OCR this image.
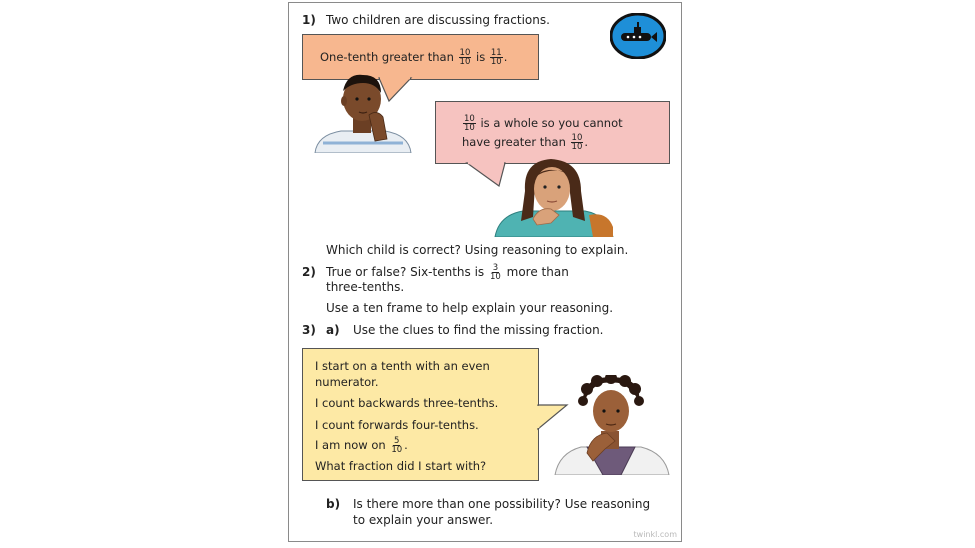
1) Two children are discussing fractions.
One-tenth greater than $\frac{10}{10}$ is $\frac{11}{10}$ .
$\frac{10}{10}$ is a whole so you cannot
have greater than $\frac{10}{10}$ .
Which child is correct? Using reasoning to explain.
2) True or false? Six-tenths is $\frac{3}{10}$ more than
three-tenths.
Use a ten frame to help explain your reasoning.
3) a) Use the clues to find the missing fraction.
I start on a tenth with an even
numerator.
I count backwards three-tenths.
I count forwards four-tenths.
I am now on $\frac{5}{10}$ .
What fraction did I start with?
b) Is there more than one possibility? Use reasoning
to explain your answer.
twinkl.com
